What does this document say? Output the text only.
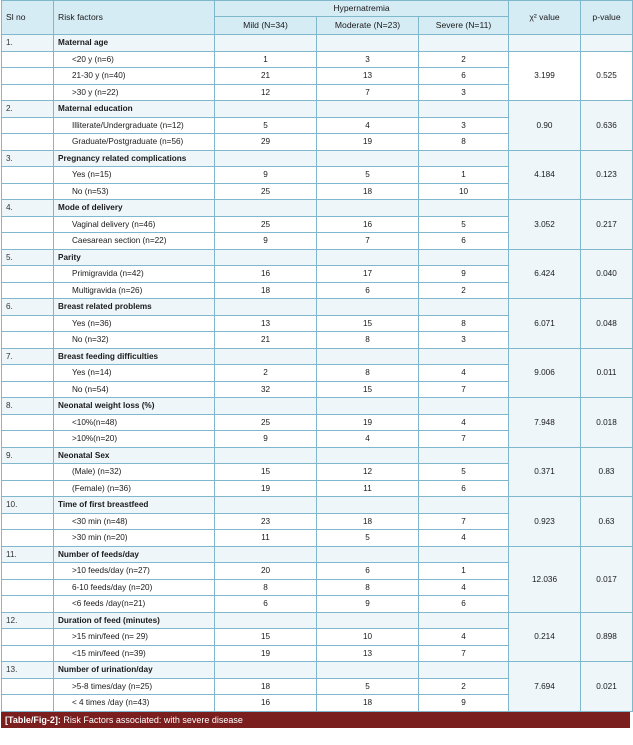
Sl no	Risk factors	Hypernatremia			χ² value	p-value
		Mild (N=34)	Moderate (N=23)	Severe (N=11)		
1.	Maternal age					
	<20 y (n=6)	1	3	2	3.199	0.525
	21-30 y (n=40)	21	13	6		
	>30 y (n=22)	12	7	3		
2.	Maternal education				0.90	0.636
	Illiterate/Undergraduate (n=12)	5	4	3		
	Graduate/Postgraduate (n=56)	29	19	8		
3.	Pregnancy related complications				4.184	0.123
	Yes (n=15)	9	5	1		
	No (n=53)	25	18	10		
4.	Mode of delivery				3.052	0.217
	Vaginal delivery (n=46)	25	16	5		
	Caesarean section (n=22)	9	7	6		
5.	Parity				6.424	0.040
	Primigravida (n=42)	16	17	9		
	Multigravida (n=26)	18	6	2		
6.	Breast related problems				6.071	0.048
	Yes (n=36)	13	15	8		
	No (n=32)	21	8	3		
7.	Breast feeding difficulties				9.006	0.011
	Yes (n=14)	2	8	4		
	No (n=54)	32	15	7		
8.	Neonatal weight loss (%)				7.948	0.018
	<10%(n=48)	25	19	4		
	>10%(n=20)	9	4	7		
9.	Neonatal Sex				0.371	0.83
	(Male) (n=32)	15	12	5		
	(Female) (n=36)	19	11	6		
10.	Time of first breastfeed				0.923	0.63
	<30 min (n=48)	23	18	7		
	>30 min (n=20)	11	5	4		
11.	Number of feeds/day				12.036	0.017
	>10 feeds/day (n=27)	20	6	1		
	6-10 feeds/day (n=20)	8	8	4		
	<6 feeds /day(n=21)	6	9	6		
12.	Duration of feed (minutes)				0.214	0.898
	>15 min/feed (n= 29)	15	10	4		
	<15 min/feed (n=39)	19	13	7		
13.	Number of urination/day				7.694	0.021
	>5-8 times/day (n=25)	18	5	2		
	< 4 times /day (n=43)	16	18	9		
[Table/Fig-2]: Risk Factors associated: with severe disease
